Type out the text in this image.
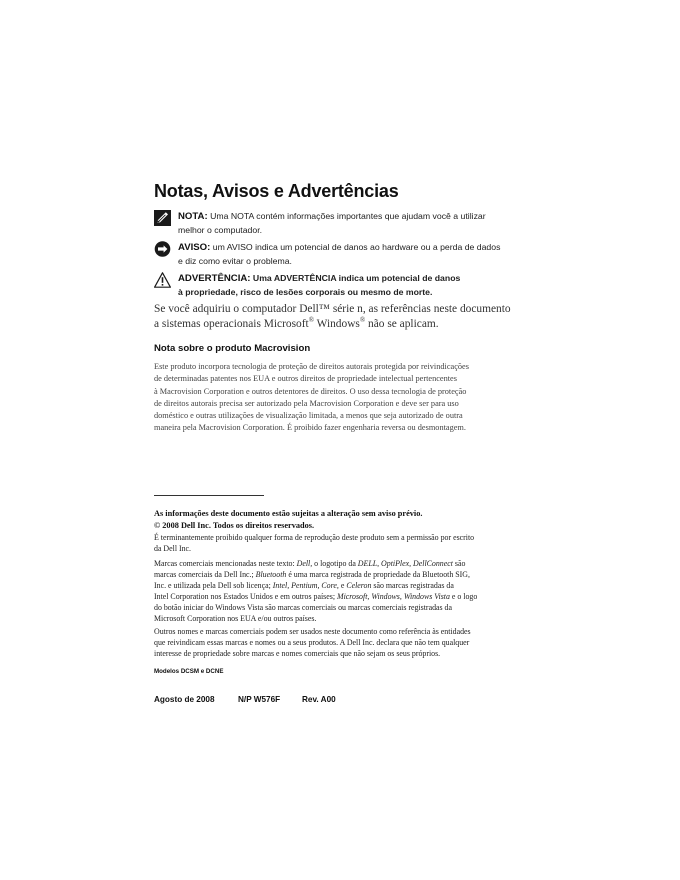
Notas, Avisos e Advertências
NOTA: Uma NOTA contém informações importantes que ajudam você a utilizar
melhor o computador.
AVISO: um AVISO indica um potencial de danos ao hardware ou a perda de dados
e diz como evitar o problema.
ADVERTÊNCIA: Uma ADVERTÊNCIA indica um potencial de danos
à propriedade, risco de lesões corporais ou mesmo de morte.
Se você adquiriu o computador Dell™ série n, as referências neste documento
a sistemas operacionais Microsoft® Windows® não se aplicam.
Nota sobre o produto Macrovision
Este produto incorpora tecnologia de proteção de direitos autorais protegida por reivindicações
de determinadas patentes nos EUA e outros direitos de propriedade intelectual pertencentes
à Macrovision Corporation e outros detentores de direitos. O uso dessa tecnologia de proteção
de direitos autorais precisa ser autorizado pela Macrovision Corporation e deve ser para uso
doméstico e outras utilizações de visualização limitada, a menos que seja autorizado de outra
maneira pela Macrovision Corporation. É proibido fazer engenharia reversa ou desmontagem.
As informações deste documento estão sujeitas a alteração sem aviso prévio.
© 2008 Dell Inc. Todos os direitos reservados.
É terminantemente proibido qualquer forma de reprodução deste produto sem a permissão por escrito
da Dell Inc.
Marcas comerciais mencionadas neste texto: Dell, o logotipo da DELL, OptiPlex, DellConnect são
marcas comerciais da Dell Inc.; Bluetooth é uma marca registrada de propriedade da Bluetooth SIG,
Inc. e utilizada pela Dell sob licença; Intel, Pentium, Core, e Celeron são marcas registradas da
Intel Corporation nos Estados Unidos e em outros países; Microsoft, Windows, Windows Vista e o logo
do botão iniciar do Windows Vista são marcas comerciais ou marcas comerciais registradas da
Microsoft Corporation nos EUA e/ou outros países.
Outros nomes e marcas comerciais podem ser usados neste documento como referência às entidades
que reivindicam essas marcas e nomes ou a seus produtos. A Dell Inc. declara que não tem qualquer
interesse de propriedade sobre marcas e nomes comerciais que não sejam os seus próprios.
Modelos DCSM e DCNE
Agosto de 2008	N/P W576F	Rev. A00
